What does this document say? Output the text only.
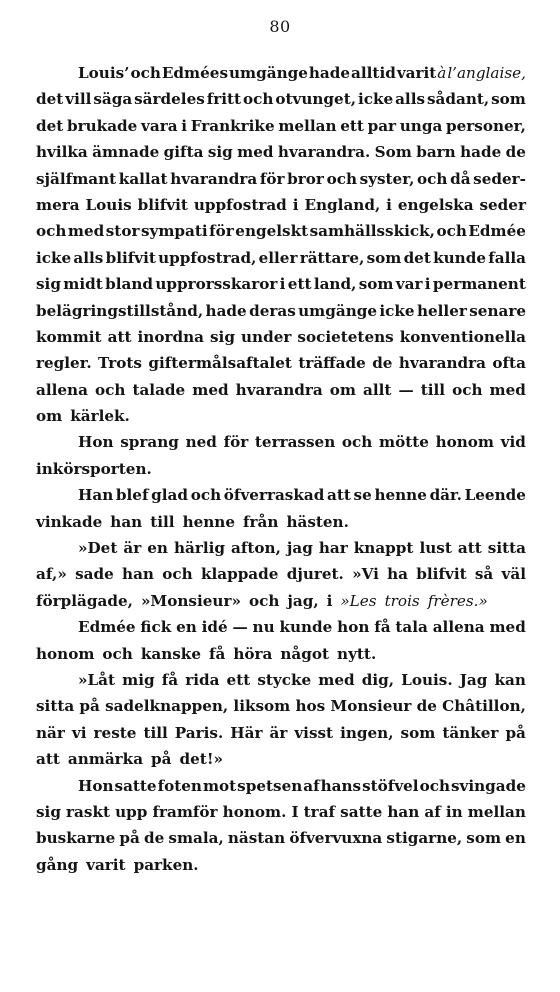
80
Louis’ och Edmées umgänge hade alltid varit à l’anglaise,
det vill säga särdeles fritt och otvunget, icke alls sådant, som
det brukade vara i Frankrike mellan ett par unga personer,
hvilka ämnade gifta sig med hvarandra. Som barn hade de
själfmant kallat hvarandra för bror och syster, och då seder-
mera Louis blifvit uppfostrad i England, i engelska seder
och med stor sympati för engelskt samhällsskick, och Edmée
icke alls blifvit uppfostrad, eller rättare, som det kunde falla
sig midt bland upprorsskaror i ett land, som var i permanent
belägringstillstånd, hade deras umgänge icke heller senare
kommit att inordna sig under societetens konventionella
regler. Trots giftermålsaftalet träffade de hvarandra ofta
allena och talade med hvarandra om allt — till och med
om kärlek.
Hon sprang ned för terrassen och mötte honom vid
inkörsporten.
Han blef glad och öfverraskad att se henne där. Leende
vinkade han till henne från hästen.
»Det är en härlig afton, jag har knappt lust att sitta
af,» sade han och klappade djuret. »Vi ha blifvit så väl
förplägade, »Monsieur» och jag, i »Les trois frères.»
Edmée fick en idé — nu kunde hon få tala allena med
honom och kanske få höra något nytt.
»Låt mig få rida ett stycke med dig, Louis. Jag kan
sitta på sadelknappen, liksom hos Monsieur de Châtillon,
när vi reste till Paris. Här är visst ingen, som tänker på
att anmärka på det!»
Hon satte foten mot spetsen af hans stöfvel och svingade
sig raskt upp framför honom. I traf satte han af in mellan
buskarne på de smala, nästan öfvervuxna stigarne, som en
gång varit parken.
